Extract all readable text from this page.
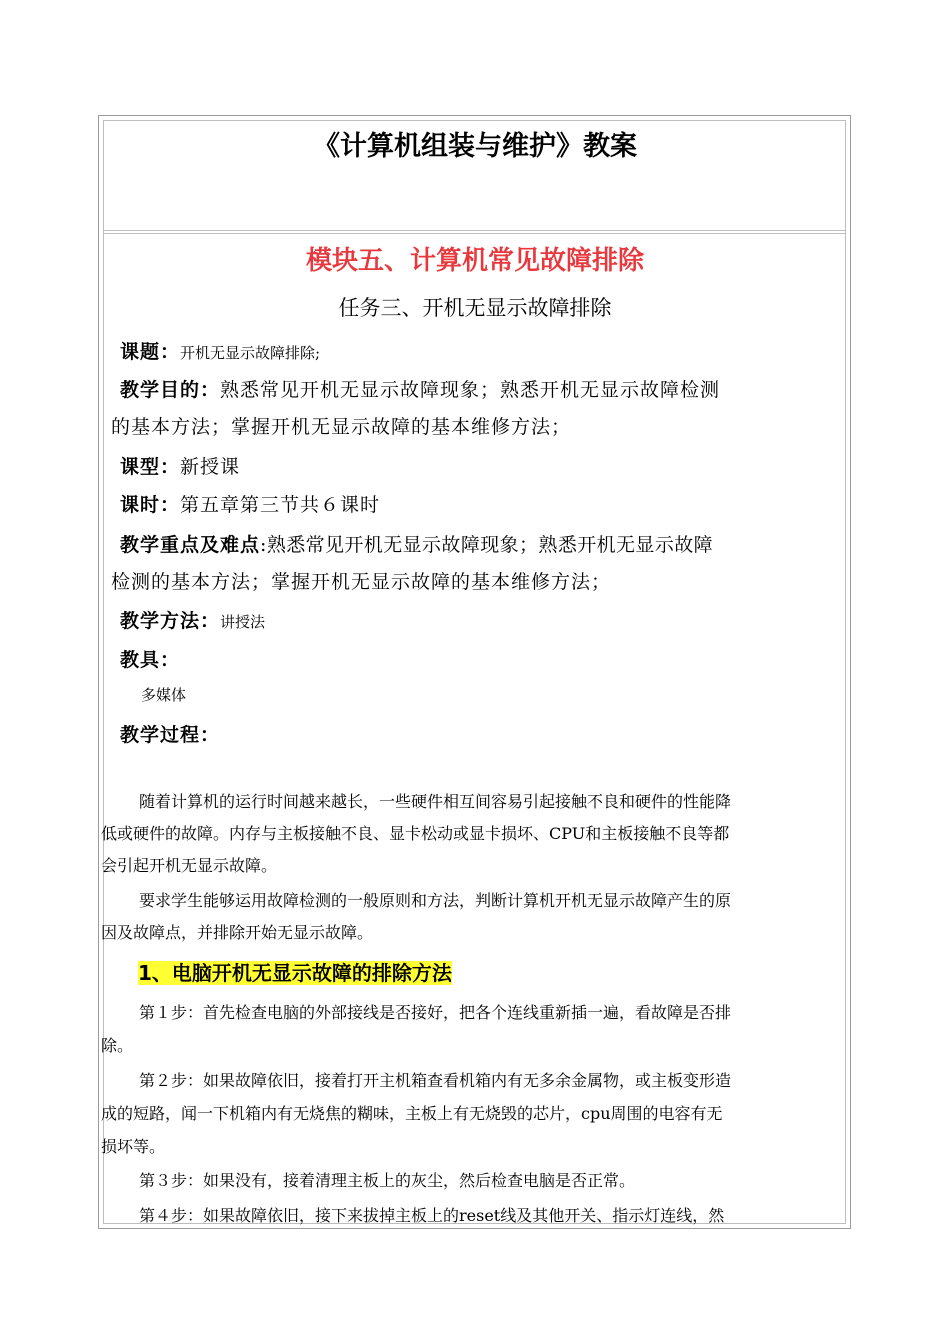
《计算机组装与维护》教案
模块五、计算机常见故障排除
任务三、开机无显示故障排除
课题：开机无显示故障排除;
教学目的：熟悉常见开机无显示故障现象；熟悉开机无显示故障检测
的基本方法；掌握开机无显示故障的基本维修方法；
课型：新授课
课时：第五章第三节共６课时
教学重点及难点:熟悉常见开机无显示故障现象；熟悉开机无显示故障
检测的基本方法；掌握开机无显示故障的基本维修方法；
教学方法：讲授法
教具：
多媒体
教学过程：
随着计算机的运行时间越来越长，一些硬件相互间容易引起接触不良和硬件的性能降
低或硬件的故障。内存与主板接触不良、显卡松动或显卡损坏、CPU和主板接触不良等都
会引起开机无显示故障。
要求学生能够运用故障检测的一般原则和方法，判断计算机开机无显示故障产生的原
因及故障点，并排除开始无显示故障。
1、电脑开机无显示故障的排除方法
第１步：首先检查电脑的外部接线是否接好，把各个连线重新插一遍，看故障是否排
除。
第２步：如果故障依旧，接着打开主机箱查看机箱内有无多余金属物，或主板变形造
成的短路，闻一下机箱内有无烧焦的糊味，主板上有无烧毁的芯片，cpu周围的电容有无
损坏等。
第３步：如果没有，接着清理主板上的灰尘，然后检查电脑是否正常。
第４步：如果故障依旧，接下来拔掉主板上的reset线及其他开关、指示灯连线，然
